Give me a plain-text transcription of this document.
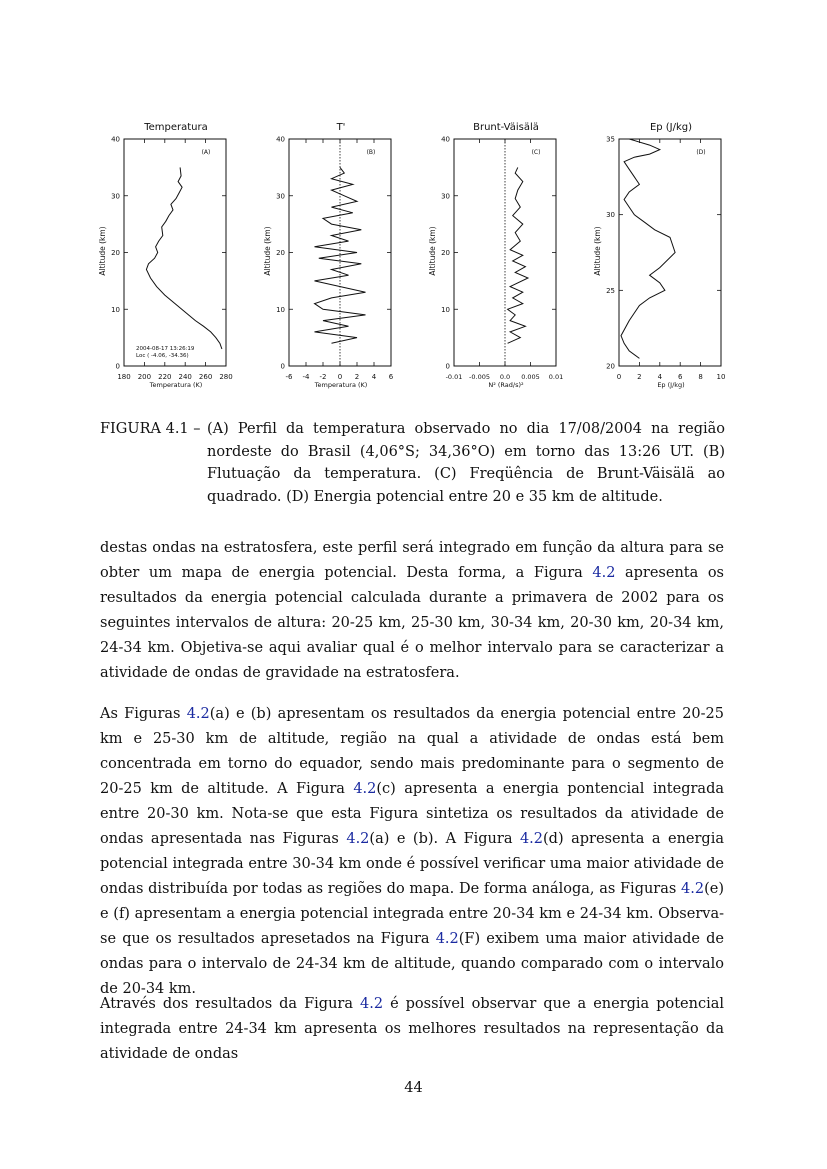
Temperatura
(A)
Altitude (km)
Temperatura (K)
180 200 220 240 260 280
0
10
20
30
40
2004-08-17 13:26:19
Loc ( -4.06, -34.36)
T'
(B)
Altitude (km)
Temperatura (K)
-6 -4 -2 0 2 4 6
0
10
20
30
40
Brunt-Väisälä
(C)
Altitude (km)
N² (Rad/s)²
-0.01 -0.005 0.0 0.005 0.01
0
10
20
30
40
Ep (J/kg)
(D)
Altitude (km)
Ep (J/kg)
0 2 4 6 8 10
20
25
30
35
FIGURA 4.1 – (A) Perfil da temperatura observado no dia 17/08/2004 na região nordeste do Brasil (4,06°S; 34,36°O) em torno das 13:26 UT. (B) Flutuação da temperatura. (C) Freqüência de Brunt-Väisälä ao quadrado. (D) Energia potencial entre 20 e 35 km de altitude.
destas ondas na estratosfera, este perfil será integrado em função da altura para se obter um mapa de energia potencial. Desta forma, a Figura 4.2 apresenta os resultados da energia potencial calculada durante a primavera de 2002 para os seguintes intervalos de altura: 20-25 km, 25-30 km, 30-34 km, 20-30 km, 20-34 km, 24-34 km. Objetiva-se aqui avaliar qual é o melhor intervalo para se caracterizar a atividade de ondas de gravidade na estratosfera.
As Figuras 4.2(a) e (b) apresentam os resultados da energia potencial entre 20-25 km e 25-30 km de altitude, região na qual a atividade de ondas está bem concentrada em torno do equador, sendo mais predominante para o segmento de 20-25 km de altitude. A Figura 4.2(c) apresenta a energia pontencial integrada entre 20-30 km. Nota-se que esta Figura sintetiza os resultados da atividade de ondas apresentada nas Figuras 4.2(a) e (b). A Figura 4.2(d) apresenta a energia potencial integrada entre 30-34 km onde é possível verificar uma maior atividade de ondas distribuída por todas as regiões do mapa. De forma análoga, as Figuras 4.2(e) e (f) apresentam a energia potencial integrada entre 20-34 km e 24-34 km. Observa-se que os resultados apresetados na Figura 4.2(F) exibem uma maior atividade de ondas para o intervalo de 24-34 km de altitude, quando comparado com o intervalo de 20-34 km.
Através dos resultados da Figura 4.2 é possível observar que a energia potencial integrada entre 24-34 km apresenta os melhores resultados na representação da atividade de ondas
44
